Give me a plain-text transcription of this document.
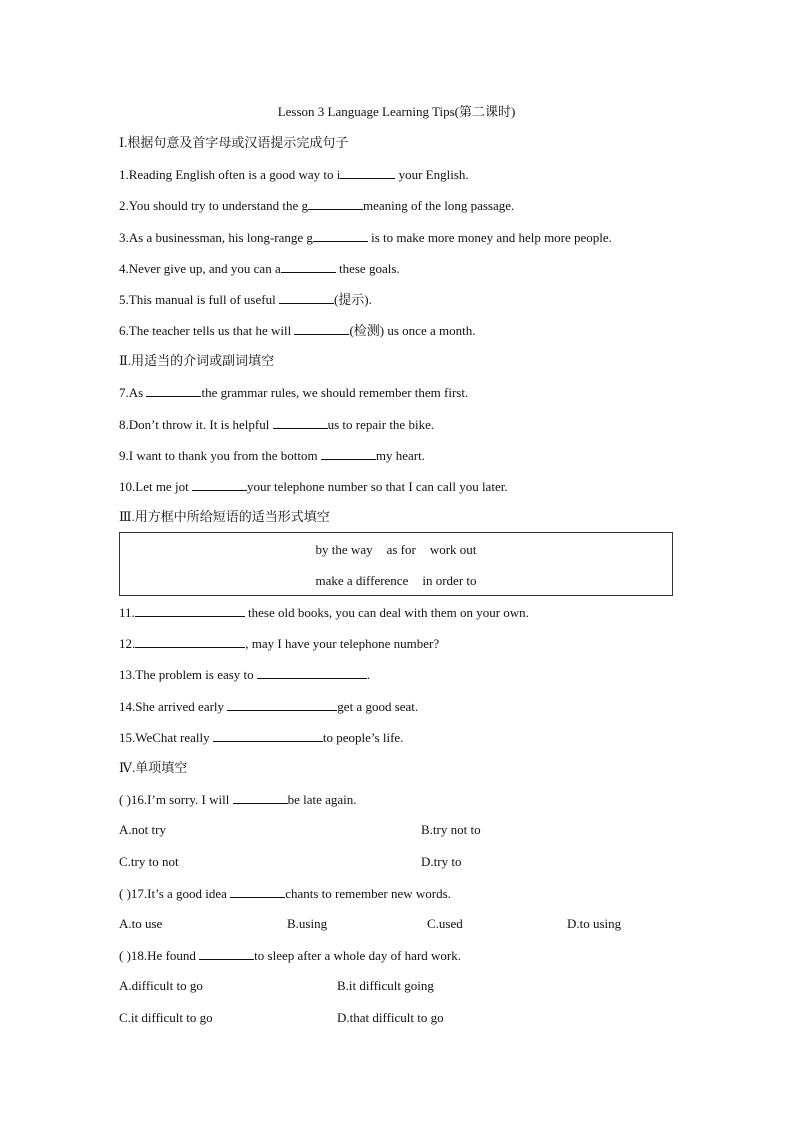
Lesson 3 Language Learning Tips(第二课时)
Ⅰ.根据句意及首字母或汉语提示完成句子
1.Reading English often is a good way to i	your English.
2.You should try to understand the g	meaning of the long passage.
3.As a businessman, his long-range g	is to make more money and help more people.
4.Never give up, and you can a	these goals.
5.This manual is full of useful	(提示).
6.The teacher tells us that he will	(检测) us once a month.
Ⅱ.用适当的介词或副词填空
7.As	the grammar rules, we should remember them first.
8.Don’t throw it. It is helpful	us to repair the bike.
9.I want to thank you from the bottom	my heart.
10.Let me jot	your telephone number so that I can call you later.
Ⅲ.用方框中所给短语的适当形式填空
by the way as for work out
make a difference in order to
11.	these old books, you can deal with them on your own.
12.	, may I have your telephone number?
13.The problem is easy to	.
14.She arrived early	get a good seat.
15.WeChat really	to people’s life.
Ⅳ.单项填空
( )16.I’m sorry. I will	be late again.
A.not try	B.try not to
C.try to not	D.try to
( )17.It’s a good idea	chants to remember new words.
A.to use	B.using	C.used	D.to using
( )18.He found	to sleep after a whole day of hard work.
A.difficult to go	B.it difficult going
C.it difficult to go	D.that difficult to go
